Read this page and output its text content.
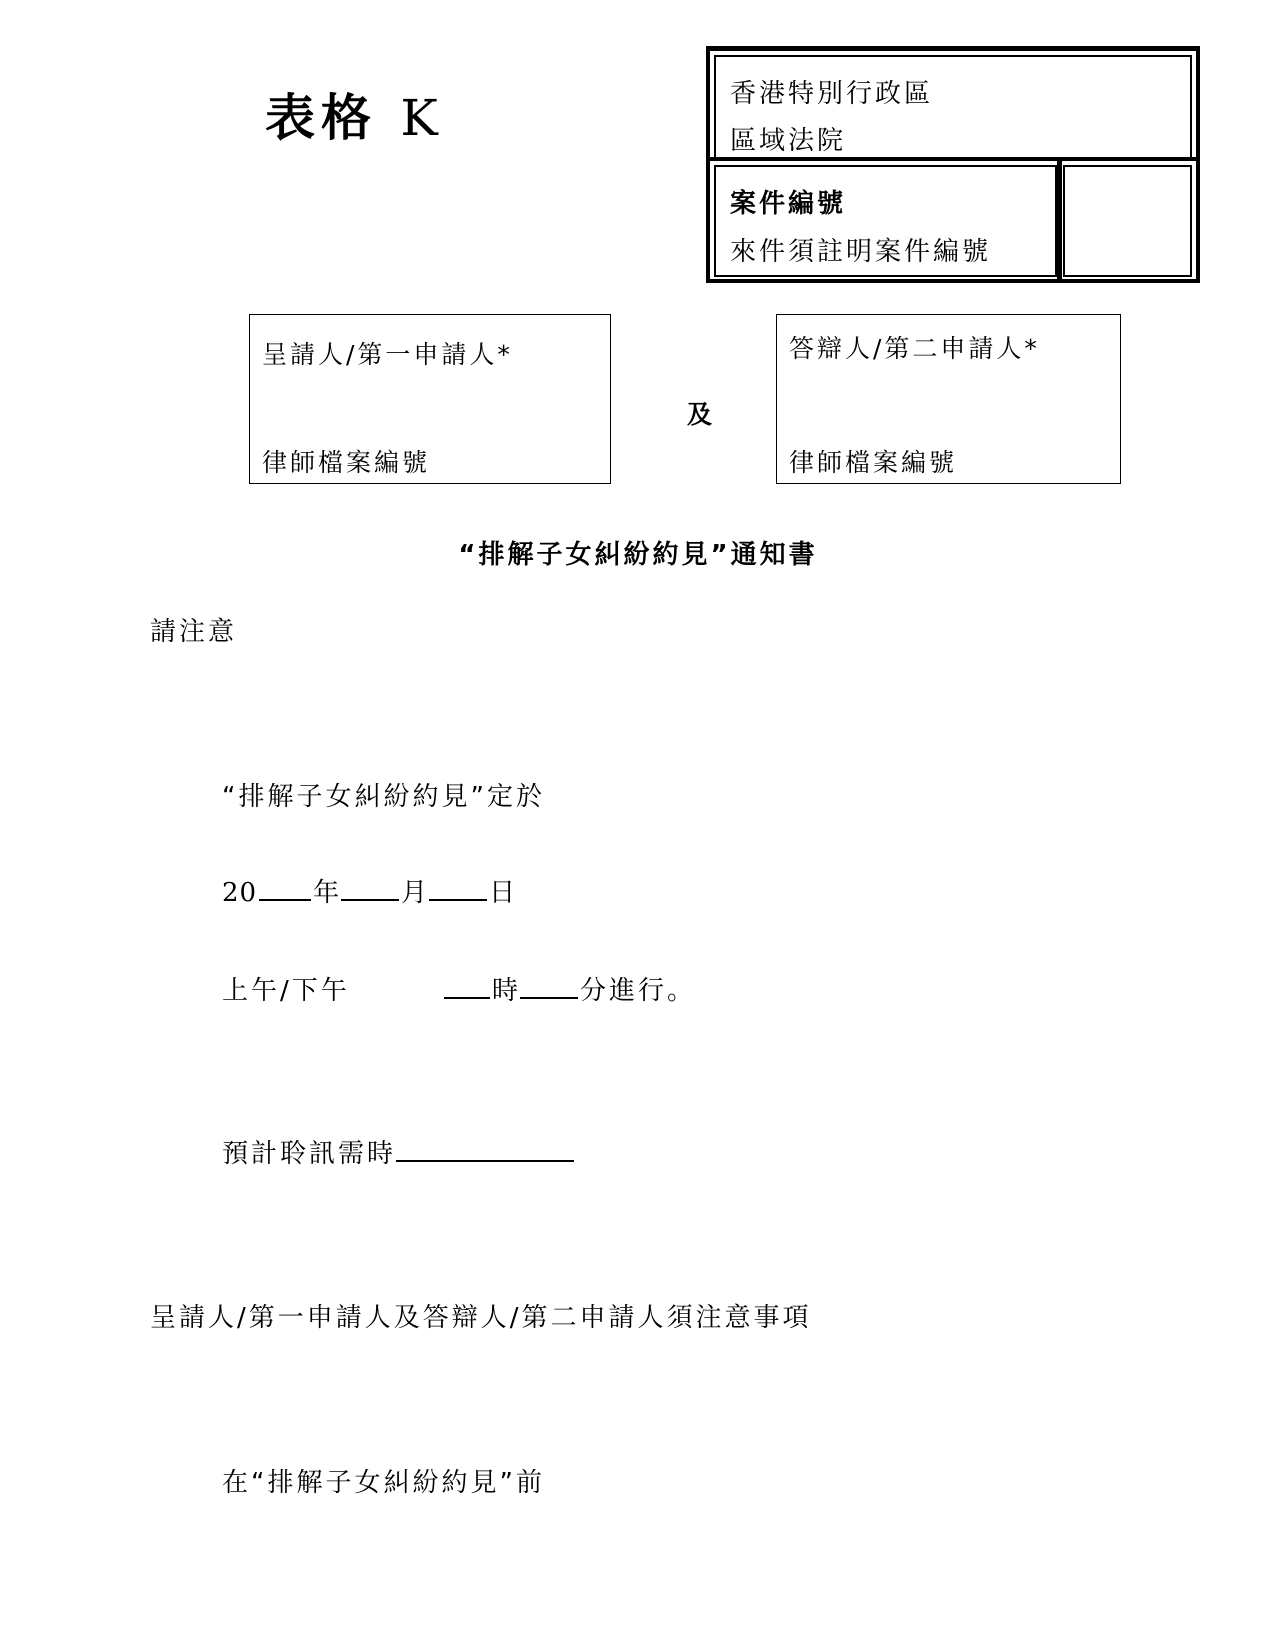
表格 K	香港特別行政區
區域法院
案件編號
來件須註明案件編號
呈請人/第一申請人*
律師檔案編號
及
答辯人/第二申請人*
律師檔案編號
“排解子女糾紛約見”通知書
請注意
“排解子女糾紛約見”定於
20 年 月 日
上午/下午	時 分進行。
預計聆訊需時
呈請人/第一申請人及答辯人/第二申請人須注意事項
在“排解子女糾紛約見”前
